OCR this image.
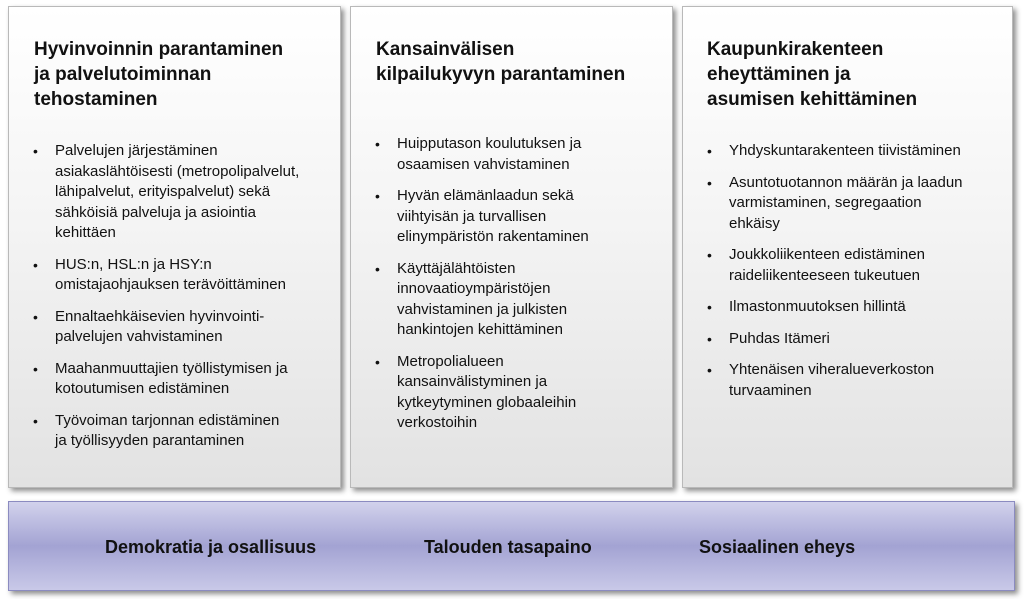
Hyvinvoinnin parantaminen
ja palvelutoiminnan
tehostaminen
• Palvelujen järjestäminen
asiakaslähtöisesti (metropolipalvelut,
lähipalvelut, erityispalvelut) sekä
sähköisiä palveluja ja asiointia
kehittäen
• HUS:n, HSL:n ja HSY:n
omistajaohjauksen terävöittäminen
• Ennaltaehkäisevien hyvinvointi-
palvelujen vahvistaminen
• Maahanmuuttajien työllistymisen ja
kotoutumisen edistäminen
• Työvoiman tarjonnan edistäminen
ja työllisyyden parantaminen
Kansainvälisen
kilpailukyvyn parantaminen
• Huipputason koulutuksen ja
osaamisen vahvistaminen
• Hyvän elämänlaadun sekä
viihtyisän ja turvallisen
elinympäristön rakentaminen
• Käyttäjälähtöisten
innovaatioympäristöjen
vahvistaminen ja julkisten
hankintojen kehittäminen
• Metropolialueen
kansainvälistyminen ja
kytkeytyminen globaaleihin
verkostoihin
Kaupunkirakenteen
eheyttäminen ja
asumisen kehittäminen
• Yhdyskuntarakenteen tiivistäminen
• Asuntotuotannon määrän ja laadun
varmistaminen, segregaation
ehkäisy
• Joukkoliikenteen edistäminen
raideliikenteeseen tukeutuen
• Ilmastonmuutoksen hillintä
• Puhdas Itämeri
• Yhtenäisen viheralueverkoston
turvaaminen
Demokratia ja osallisuus	Talouden tasapaino	Sosiaalinen eheys
